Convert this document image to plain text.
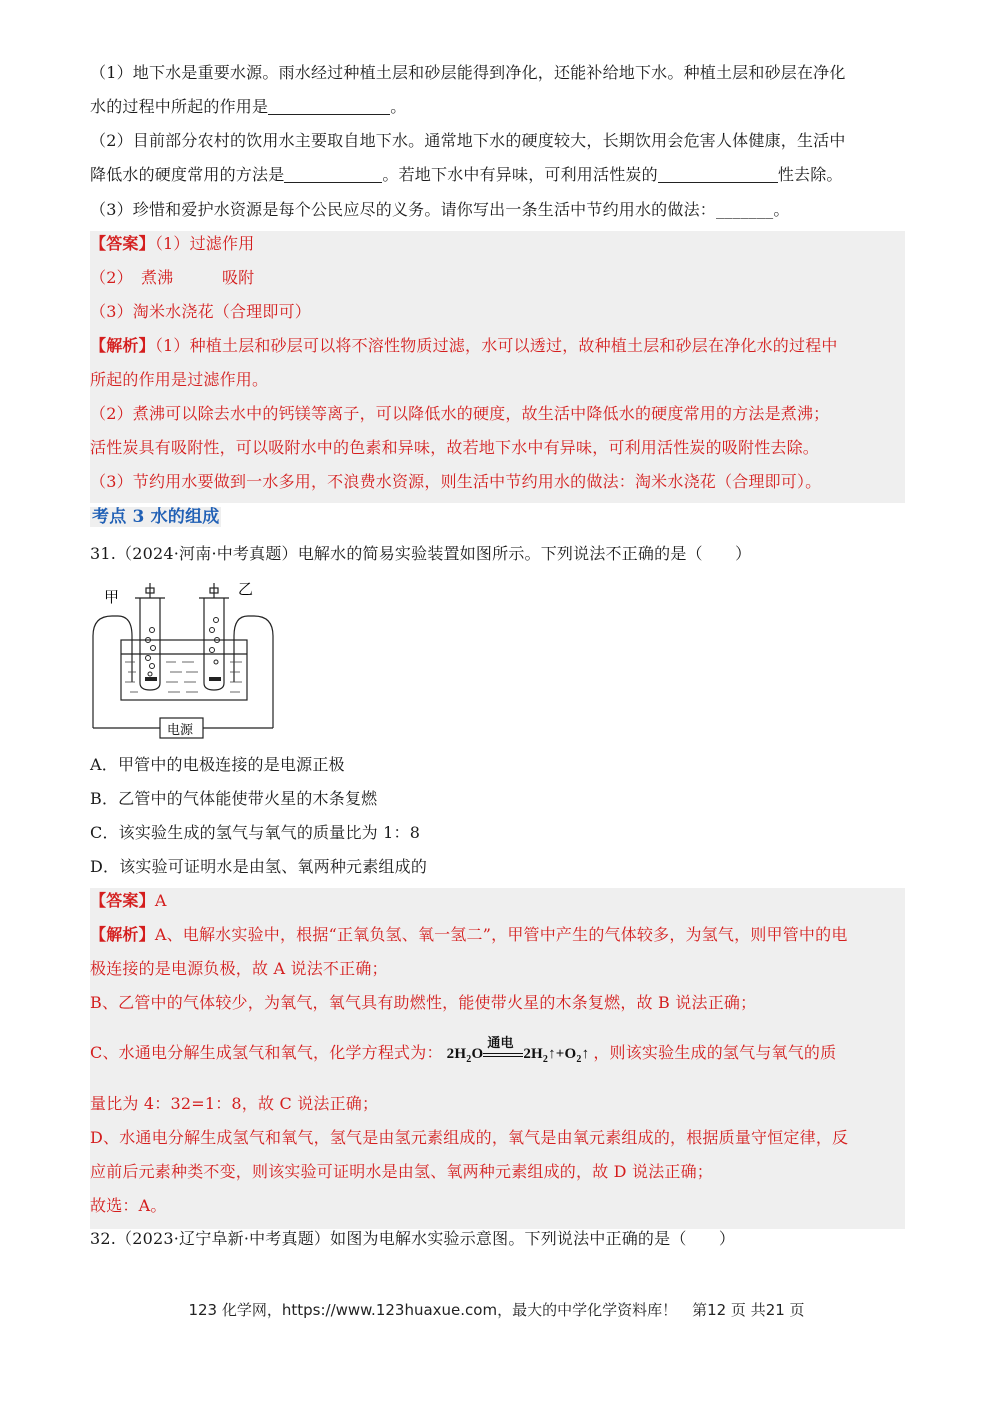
（1）地下水是重要水源。雨水经过种植土层和砂层能得到净化，还能补给地下水。种植土层和砂层在净化
水的过程中所起的作用是	。
（2）目前部分农村的饮用水主要取自地下水。通常地下水的硬度较大，长期饮用会危害人体健康，生活中
降低水的硬度常用的方法是	。若地下水中有异味，可利用活性炭的	性去除。
（3）珍惜和爱护水资源是每个公民应尽的义务。请你写出一条生活中节约用水的做法：_______。
【答案】（1）过滤作用
（2）　煮沸　　　吸附
（3）淘米水浇花（合理即可）
【解析】（1）种植土层和砂层可以将不溶性物质过滤，水可以透过，故种植土层和砂层在净化水的过程中
所起的作用是过滤作用。
（2）煮沸可以除去水中的钙镁等离子，可以降低水的硬度，故生活中降低水的硬度常用的方法是煮沸；
活性炭具有吸附性，可以吸附水中的色素和异味，故若地下水中有异味，可利用活性炭的吸附性去除。
（3）节约用水要做到一水多用，不浪费水资源，则生活中节约用水的做法：淘米水浇花（合理即可）。
考点 3 水的组成
31.（2024·河南·中考真题）电解水的简易实验装置如图所示。下列说法不正确的是（　　）
甲	乙
电源
A．甲管中的电极连接的是电源正极
B．乙管中的气体能使带火星的木条复燃
C．该实验生成的氢气与氧气的质量比为 1：8
D．该实验可证明水是由氢、氧两种元素组成的
【答案】A
【解析】A、电解水实验中，根据“正氧负氢、氧一氢二”，甲管中产生的气体较多，为氢气，则甲管中的电
极连接的是电源负极，故 A 说法不正确；
B、乙管中的气体较少，为氧气，氧气具有助燃性，能使带火星的木条复燃，故 B 说法正确；
C、水通电分解生成氢气和氧气，化学方程式为： $2H_2O$
通电
$2H_2↑+O_2↑$ ，则该实验生成的氢气与氧气的质
量比为 4：32=1：8，故 C 说法正确；
D、水通电分解生成氢气和氧气，氢气是由氢元素组成的，氧气是由氧元素组成的，根据质量守恒定律，反
应前后元素种类不变，则该实验可证明水是由氢、氧两种元素组成的，故 D 说法正确；
故选：A。
32.（2023·辽宁阜新·中考真题）如图为电解水实验示意图。下列说法中正确的是（　　）
123 化学网，https://www.123huaxue.com，最大的中学化学资料库！　第12 页 共21 页
